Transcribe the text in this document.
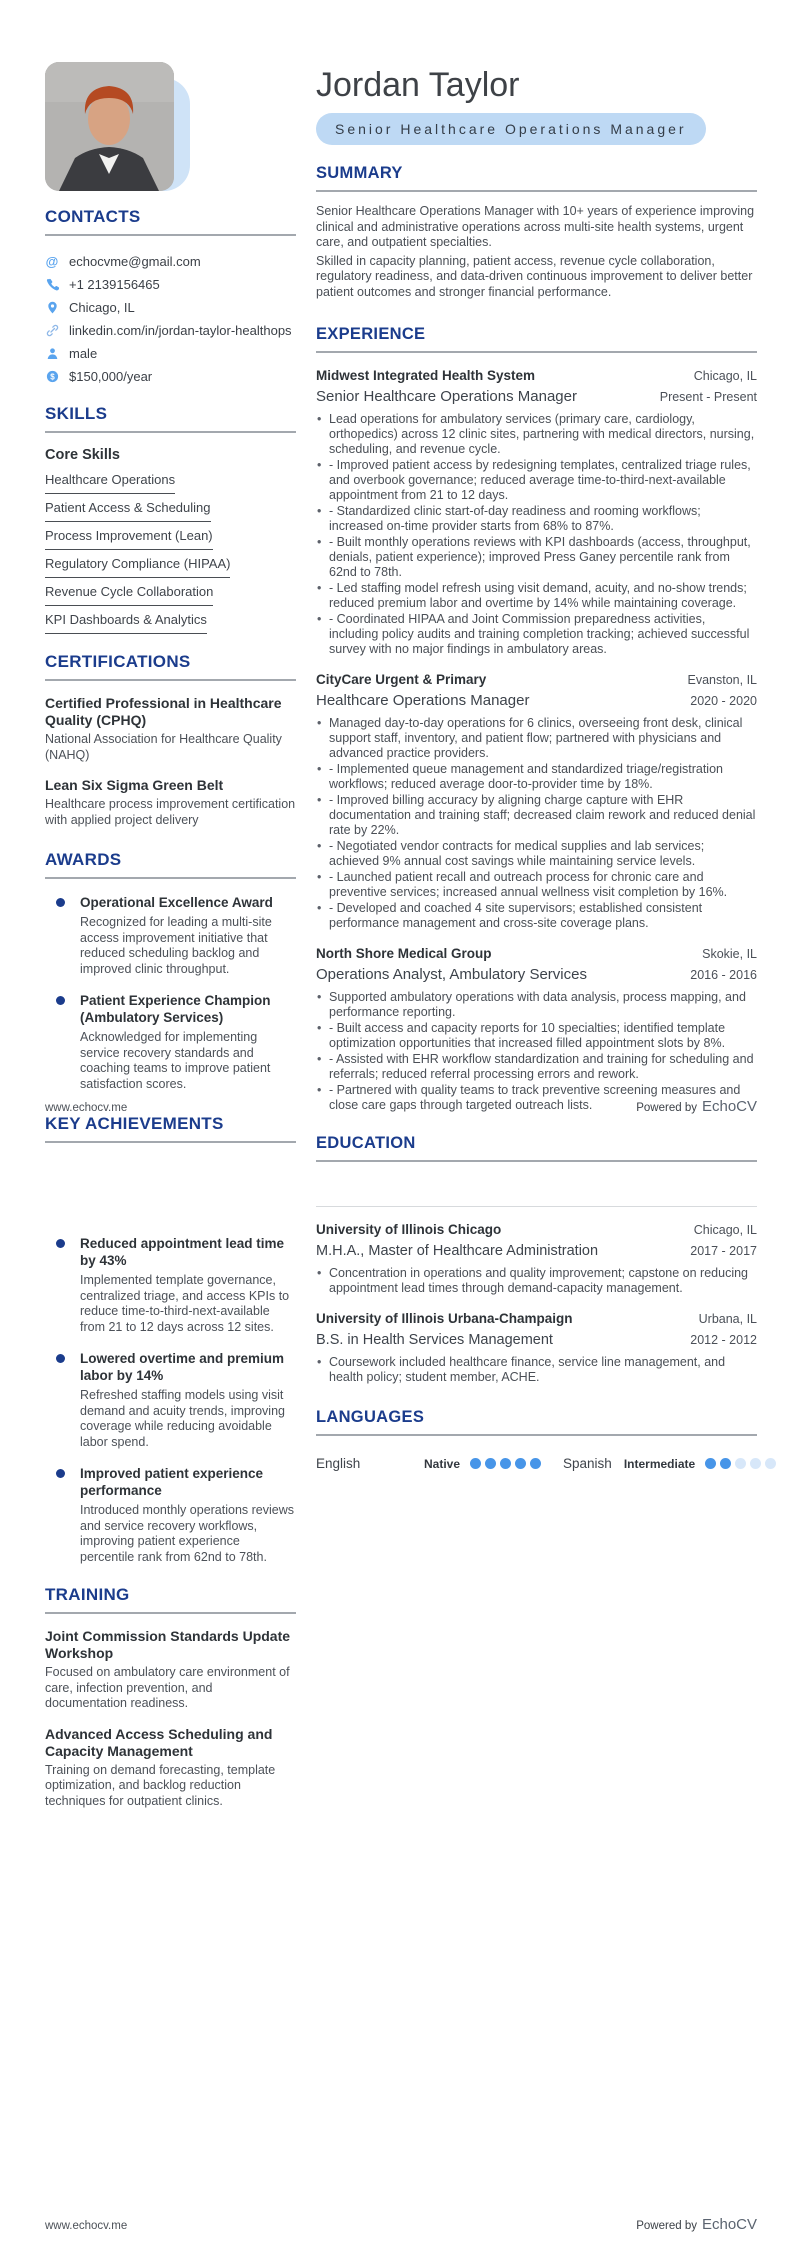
CONTACTS
@ echocvme@gmail.com
+1 2139156465
Chicago, IL
linkedin.com/in/jordan-taylor-healthops
male
$ $150,000/year
SKILLS
Core Skills
Healthcare Operations
Patient Access & Scheduling
Process Improvement (Lean)
Regulatory Compliance (HIPAA)
Revenue Cycle Collaboration
KPI Dashboards & Analytics
CERTIFICATIONS
Certified Professional in Healthcare Quality (CPHQ)
National Association for Healthcare Quality (NAHQ)
Lean Six Sigma Green Belt
Healthcare process improvement certification with applied project delivery
AWARDS
Operational Excellence Award
Recognized for leading a multi-site access improvement initiative that reduced scheduling backlog and improved clinic throughput.
Patient Experience Champion (Ambulatory Services)
Acknowledged for implementing service recovery standards and coaching teams to improve patient satisfaction scores.
KEY ACHIEVEMENTS
Reduced appointment lead time by 43%
Implemented template governance, centralized triage, and access KPIs to reduce time-to-third-next-available from 21 to 12 days across 12 sites.
Lowered overtime and premium labor by 14%
Refreshed staffing models using visit demand and acuity trends, improving coverage while reducing avoidable labor spend.
Improved patient experience performance
Introduced monthly operations reviews and service recovery workflows, improving patient experience percentile rank from 62nd to 78th.
TRAINING
Joint Commission Standards Update Workshop
Focused on ambulatory care environment of care, infection prevention, and documentation readiness.
Advanced Access Scheduling and Capacity Management
Training on demand forecasting, template optimization, and backlog reduction techniques for outpatient clinics.
Jordan Taylor
Senior Healthcare Operations Manager
SUMMARY

Senior Healthcare Operations Manager with 10+ years of experience improving clinical and administrative operations across multi-site health systems, urgent care, and outpatient specialties.

Skilled in capacity planning, patient access, revenue cycle collaboration, regulatory readiness, and data-driven continuous improvement to deliver better patient outcomes and stronger financial performance.

EXPERIENCE
Midwest Integrated Health System	Chicago, IL
Senior Healthcare Operations Manager	Present - Present
• Lead operations for ambulatory services (primary care, cardiology, orthopedics) across 12 clinic sites, partnering with medical directors, nursing, scheduling, and revenue cycle.
• - Improved patient access by redesigning templates, centralized triage rules, and overbook governance; reduced average time-to-third-next-available appointment from 21 to 12 days.
• - Standardized clinic start-of-day readiness and rooming workflows; increased on-time provider starts from 68% to 87%.
• - Built monthly operations reviews with KPI dashboards (access, throughput, denials, patient experience); improved Press Ganey percentile rank from 62nd to 78th.
• - Led staffing model refresh using visit demand, acuity, and no-show trends; reduced premium labor and overtime by 14% while maintaining coverage.
• - Coordinated HIPAA and Joint Commission preparedness activities, including policy audits and training completion tracking; achieved successful survey with no major findings in ambulatory areas.
CityCare Urgent & Primary	Evanston, IL
Healthcare Operations Manager	2020 - 2020
• Managed day-to-day operations for 6 clinics, overseeing front desk, clinical support staff, inventory, and patient flow; partnered with physicians and advanced practice providers.
• - Implemented queue management and standardized triage/registration workflows; reduced average door-to-provider time by 18%.
• - Improved billing accuracy by aligning charge capture with EHR documentation and training staff; decreased claim rework and reduced denial rate by 22%.
• - Negotiated vendor contracts for medical supplies and lab services; achieved 9% annual cost savings while maintaining service levels.
• - Launched patient recall and outreach process for chronic care and preventive services; increased annual wellness visit completion by 16%.
• - Developed and coached 4 site supervisors; established consistent performance management and cross-site coverage plans.
North Shore Medical Group	Skokie, IL
Operations Analyst, Ambulatory Services	2016 - 2016
• Supported ambulatory operations with data analysis, process mapping, and performance reporting.
• - Built access and capacity reports for 10 specialties; identified template optimization opportunities that increased filled appointment slots by 8%.
• - Assisted with EHR workflow standardization and training for scheduling and referrals; reduced referral processing errors and rework.
• - Partnered with quality teams to track preventive screening measures and close care gaps through targeted outreach lists.
EDUCATION
University of Illinois Chicago	Chicago, IL
M.H.A., Master of Healthcare Administration	2017 - 2017
• Concentration in operations and quality improvement; capstone on reducing appointment lead times through demand-capacity management.
University of Illinois Urbana-Champaign	Urbana, IL
B.S. in Health Services Management	2012 - 2012
• Coursework included healthcare finance, service line management, and health policy; student member, ACHE.
LANGUAGES
English	Native	Spanish Intermediate
www.echocv.me	Powered by EchoCV
www.echocv.me	Powered by EchoCV
